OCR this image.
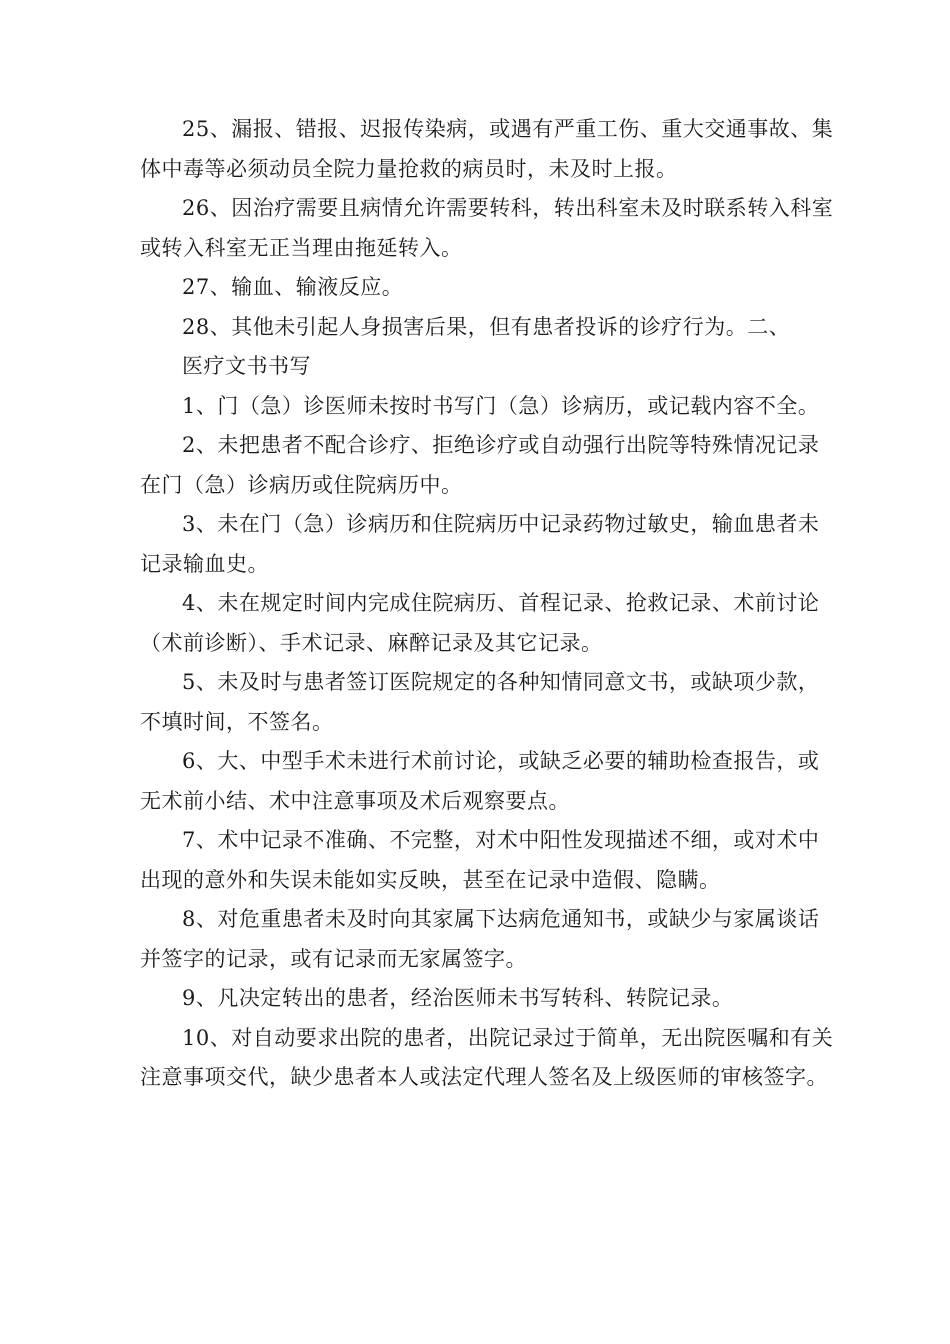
25、漏报、错报、迟报传染病，或遇有严重工伤、重大交通事故、集体中毒等必须动员全院力量抢救的病员时，未及时上报。

26、因治疗需要且病情允许需要转科，转出科室未及时联系转入科室或转入科室无正当理由拖延转入。

27、输血、输液反应。

28、其他未引起人身损害后果，但有患者投诉的诊疗行为。二、

医疗文书书写

1、门（急）诊医师未按时书写门（急）诊病历，或记载内容不全。

2、未把患者不配合诊疗、拒绝诊疗或自动强行出院等特殊情况记录在门（急）诊病历或住院病历中。

3、未在门（急）诊病历和住院病历中记录药物过敏史，输血患者未记录输血史。

4、未在规定时间内完成住院病历、首程记录、抢救记录、术前讨论（术前诊断）、手术记录、麻醉记录及其它记录。

5、未及时与患者签订医院规定的各种知情同意文书，或缺项少款，不填时间，不签名。

6、大、中型手术未进行术前讨论，或缺乏必要的辅助检查报告，或无术前小结、术中注意事项及术后观察要点。

7、术中记录不准确、不完整，对术中阳性发现描述不细，或对术中出现的意外和失误未能如实反映，甚至在记录中造假、隐瞒。

8、对危重患者未及时向其家属下达病危通知书，或缺少与家属谈话并签字的记录，或有记录而无家属签字。

9、凡决定转出的患者，经治医师未书写转科、转院记录。

10、对自动要求出院的患者，出院记录过于简单，无出院医嘱和有关注意事项交代，缺少患者本人或法定代理人签名及上级医师的审核签字。
